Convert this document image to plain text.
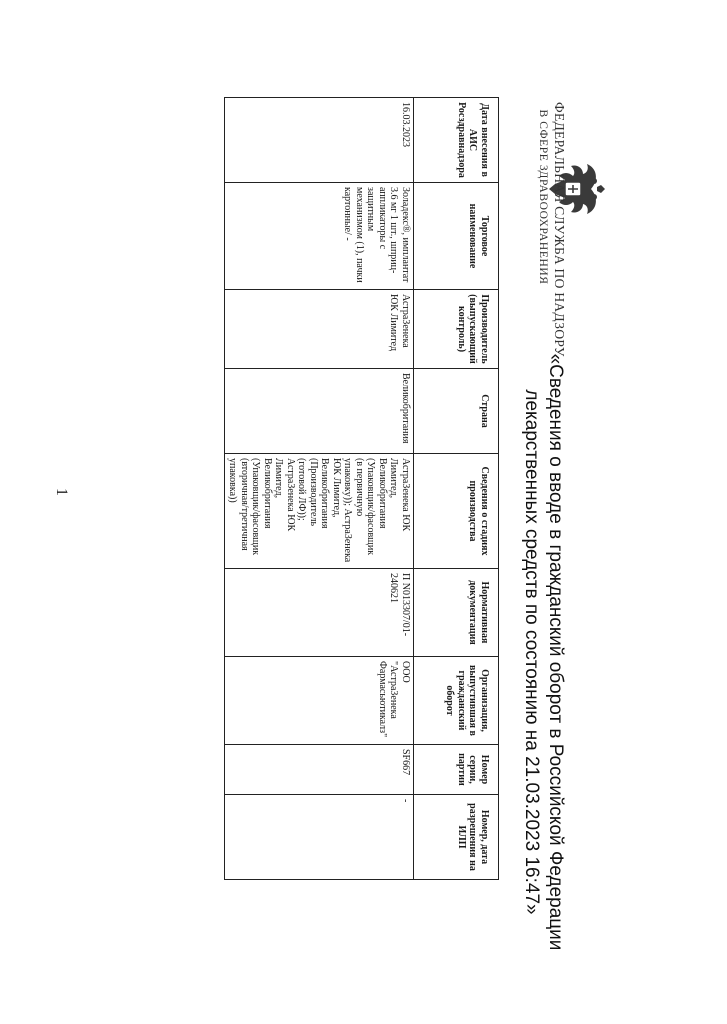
ФЕДЕРАЛЬНАЯ СЛУЖБА ПО НАДЗОРУ
В СФЕРЕ ЗДРАВООХРАНЕНИЯ
«Сведения о вводе в гражданский оборот в Российской Федерации лекарственных средств по состоянию на 21.03.2023 16:47»
Дата внесения в АИС Росздравнадзора	Торговое наименование	Производитель (выпускающий контроль)	Страна	Сведения о стадиях производства	Нормативная документация	Организация, выпустившая в гражданский оборот	Номер серии, партии	Номер, дата разрешения на ИЛП
16.03.2023	Золадекс®, имплантат 3.6 мг 1 шт., шприц-аппликаторы с защитным механизмом (1), пачки картонные/ -	АстраЗенека ЮК Лимитед	Великобритания	АстраЗенека ЮК Лимитед, Великобритания (Упаковщик/фасовщик (в первичную упаковку)); АстраЗенека ЮК Лимитед, Великобритания (Производитель (готовой ЛФ)); АстраЗенека ЮК Лимитед, Великобритания (Упаковщик/фасовщик (вторичная/третичная упаковка))	П N013307/01-240621	ООО "АстраЗенека Фармасьютикалз"	SF667	-
1
